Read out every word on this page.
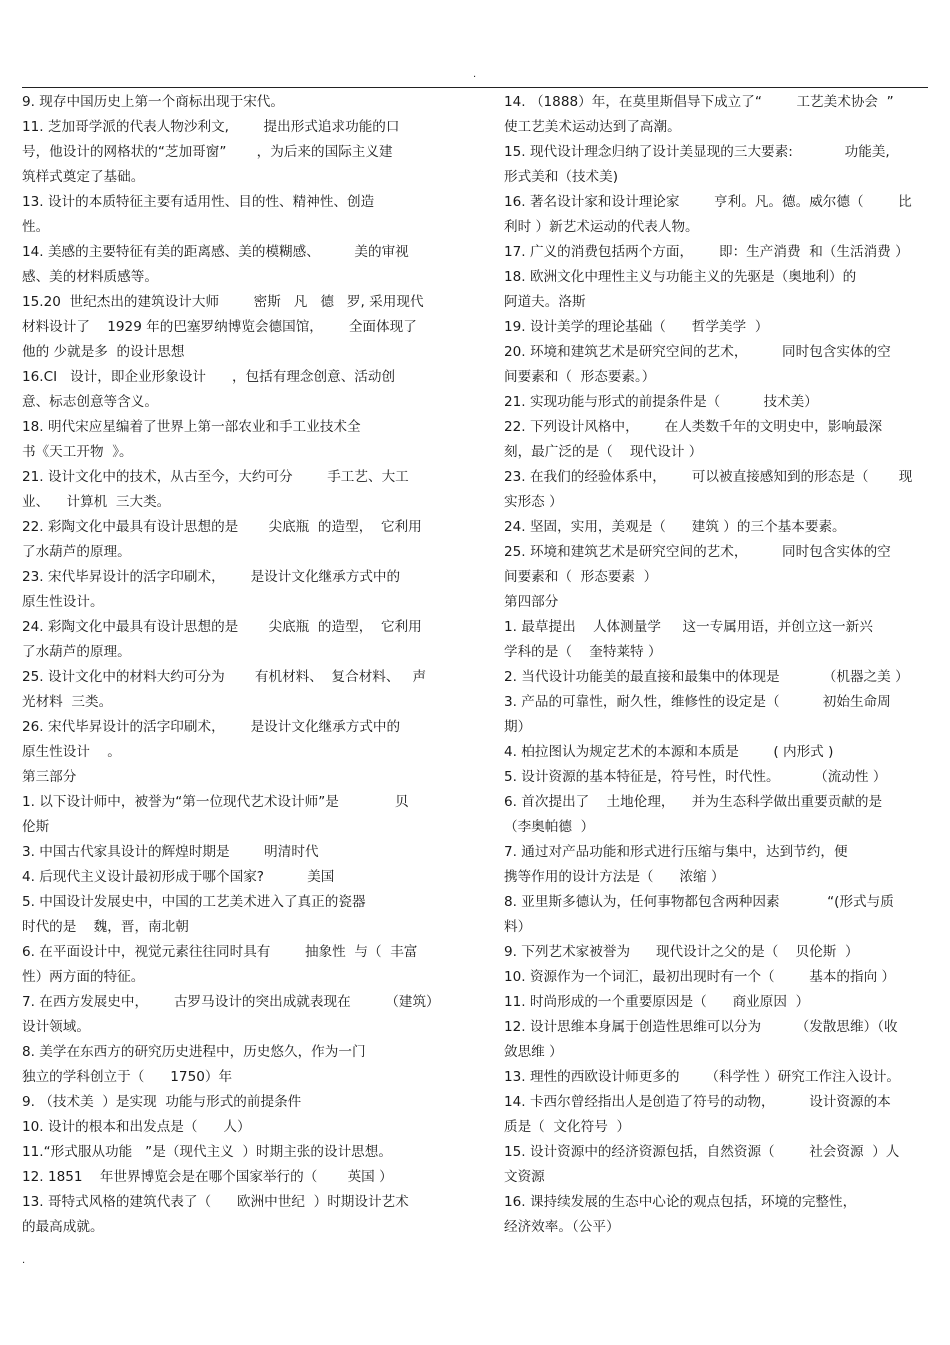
.
9. 现存中国历史上第一个商标出现于宋代。
11. 芝加哥学派的代表人物沙利文,        提出形式追求功能的口
号，他设计的网格状的“芝加哥窗”       ，为后来的国际主义建
筑样式奠定了基础。
13. 设计的本质特征主要有适用性、目的性、精神性、创造
性。
14. 美感的主要特征有美的距离感、美的模糊感、        美的审视
感、美的材料质感等。
15.20  世纪杰出的建筑设计大师        密斯   凡   德   罗, 采用现代
材料设计了    1929 年的巴塞罗纳博览会德国馆，      全面体现了
他的 少就是多  的设计思想
16.CI   设计，即企业形象设计      ，包括有理念创意、活动创
意、标志创意等含义。
18. 明代宋应星编着了世界上第一部农业和手工业技术全
书《天工开物  》。
21. 设计文化中的技术，从古至今，大约可分        手工艺、大工
业、    计算机  三大类。
22. 彩陶文化中最具有设计思想的是       尖底瓶  的造型，  它利用
了水葫芦的原理。
23. 宋代毕昇设计的活字印刷术，      是设计文化继承方式中的
原生性设计。
24. 彩陶文化中最具有设计思想的是       尖底瓶  的造型，  它利用
了水葫芦的原理。
25. 设计文化中的材料大约可分为       有机材料、  复合材料、   声
光材料  三类。
26. 宋代毕昇设计的活字印刷术，      是设计文化继承方式中的
原生性设计    。
第三部分
1. 以下设计师中，被誉为“第一位现代艺术设计师”是             贝
伦斯
3. 中国古代家具设计的辉煌时期是        明清时代
4. 后现代主义设计最初形成于哪个国家?          美国
5. 中国设计发展史中，中国的工艺美术进入了真正的瓷器
时代的是    魏，晋，南北朝
6. 在平面设计中，视觉元素往往同时具有        抽象性  与（  丰富
性）两方面的特征。
7. 在西方发展史中，      古罗马设计的突出成就表现在        （建筑）
设计领域。
8. 美学在东西方的研究历史进程中，历史悠久，作为一门
独立的学科创立于（      1750）年
9. （技术美  ）是实现  功能与形式的前提条件
10. 设计的根本和出发点是（      人）
11.“形式服从功能   ”是（现代主义  ）时期主张的设计思想。
12. 1851    年世界博览会是在哪个国家举行的（       英国 ）
13. 哥特式风格的建筑代表了（      欧洲中世纪  ）时期设计艺术
的最高成就。
14. （1888）年，在莫里斯倡导下成立了“        工艺美术协会  ”
使工艺美术运动达到了高潮。
15. 现代设计理念归纳了设计美显现的三大要素:            功能美,
形式美和（技术美)
16. 著名设计家和设计理论家        亨利。凡。德。威尔德（        比
利时 ）新艺术运动的代表人物。
17. 广义的消费包括两个方面，      即：生产消费  和（生活消费 ）
18. 欧洲文化中理性主义与功能主义的先驱是（奥地利）的
阿道夫。洛斯
19. 设计美学的理论基础（      哲学美学  ）
20. 环境和建筑艺术是研究空间的艺术，        同时包含实体的空
间要素和（  形态要素。）
21. 实现功能与形式的前提条件是（          技术美）
22. 下列设计风格中，      在人类数千年的文明史中，影响最深
刻，最广泛的是（    现代设计 ）
23. 在我们的经验体系中，      可以被直接感知到的形态是（       现
实形态 ）
24. 坚固，实用，美观是（      建筑 ）的三个基本要素。
25. 环境和建筑艺术是研究空间的艺术，        同时包含实体的空
间要素和（  形态要素  ）
第四部分
1. 最草提出    人体测量学     这一专属用语，并创立这一新兴
学科的是（    奎特莱特 ）
2. 当代设计功能美的最直接和最集中的体现是          （机器之美 ）
3. 产品的可靠性，耐久性，维修性的设定是（          初始生命周
期）
4. 柏拉图认为规定艺术的本源和本质是        ( 内形式 )
5. 设计资源的基本特征是，符号性，时代性。        （流动性 ）
6. 首次提出了    土地伦理，    并为生态科学做出重要贡献的是
（李奥帕德  ）
7. 通过对产品功能和形式进行压缩与集中，达到节约，便
携等作用的设计方法是（      浓缩 ）
8. 亚里斯多德认为，任何事物都包含两种因素           “(形式与质
料）
9. 下列艺术家被誉为      现代设计之父的是（    贝伦斯  ）
10. 资源作为一个词汇，最初出现时有一个（        基本的指向 ）
11. 时尚形成的一个重要原因是（      商业原因  ）
12. 设计思维本身属于创造性思维可以分为        （发散思维）（收
敛思维 ）
13. 理性的西欧设计师更多的      （科学性 ）研究工作注入设计。
14. 卡西尔曾经指出人是创造了符号的动物，        设计资源的本
质是（  文化符号  ）
15. 设计资源中的经济资源包括，自然资源（        社会资源  ）人
文资源
16. 课持续发展的生态中心论的观点包括，环境的完整性，
经济效率。（公平）
.
